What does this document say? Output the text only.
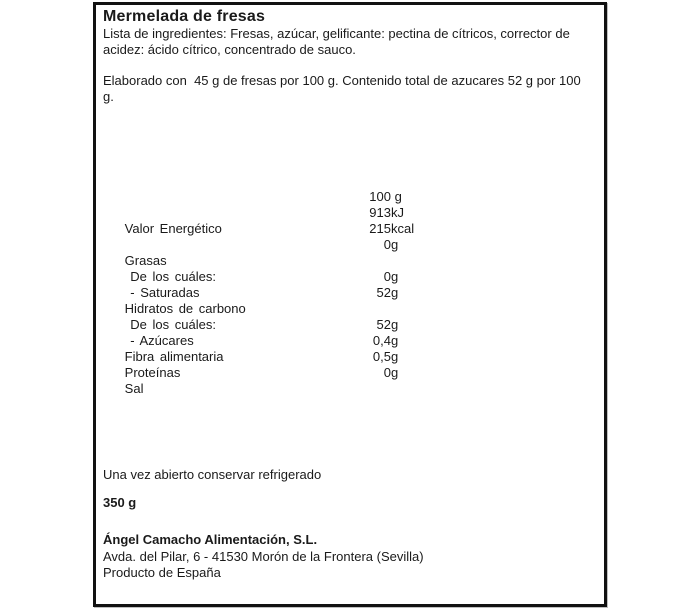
Mermelada de fresas
Lista de ingredientes: Fresas, azúcar, gelificante: pectina de cítricos, corrector de
acidez: ácido cítrico, concentrado de sauco.
Elaborado con  45 g de fresas por 100 g. Contenido total de azucares 52 g por 100
g.

100 g

Valor Energético

913kJ

215kcal

Grasas

0g

De los cuáles:

- Saturadas

0g

Hidratos de carbono

52g

De los cuáles:

- Azúcares

52g

Fibra alimentaria

0,4g

Proteínas

0,5g

Sal

0g

Una vez abierto conservar refrigerado
350 g
Ángel Camacho Alimentación, S.L.
Avda. del Pilar, 6 - 41530 Morón de la Frontera (Sevilla)
Producto de España
